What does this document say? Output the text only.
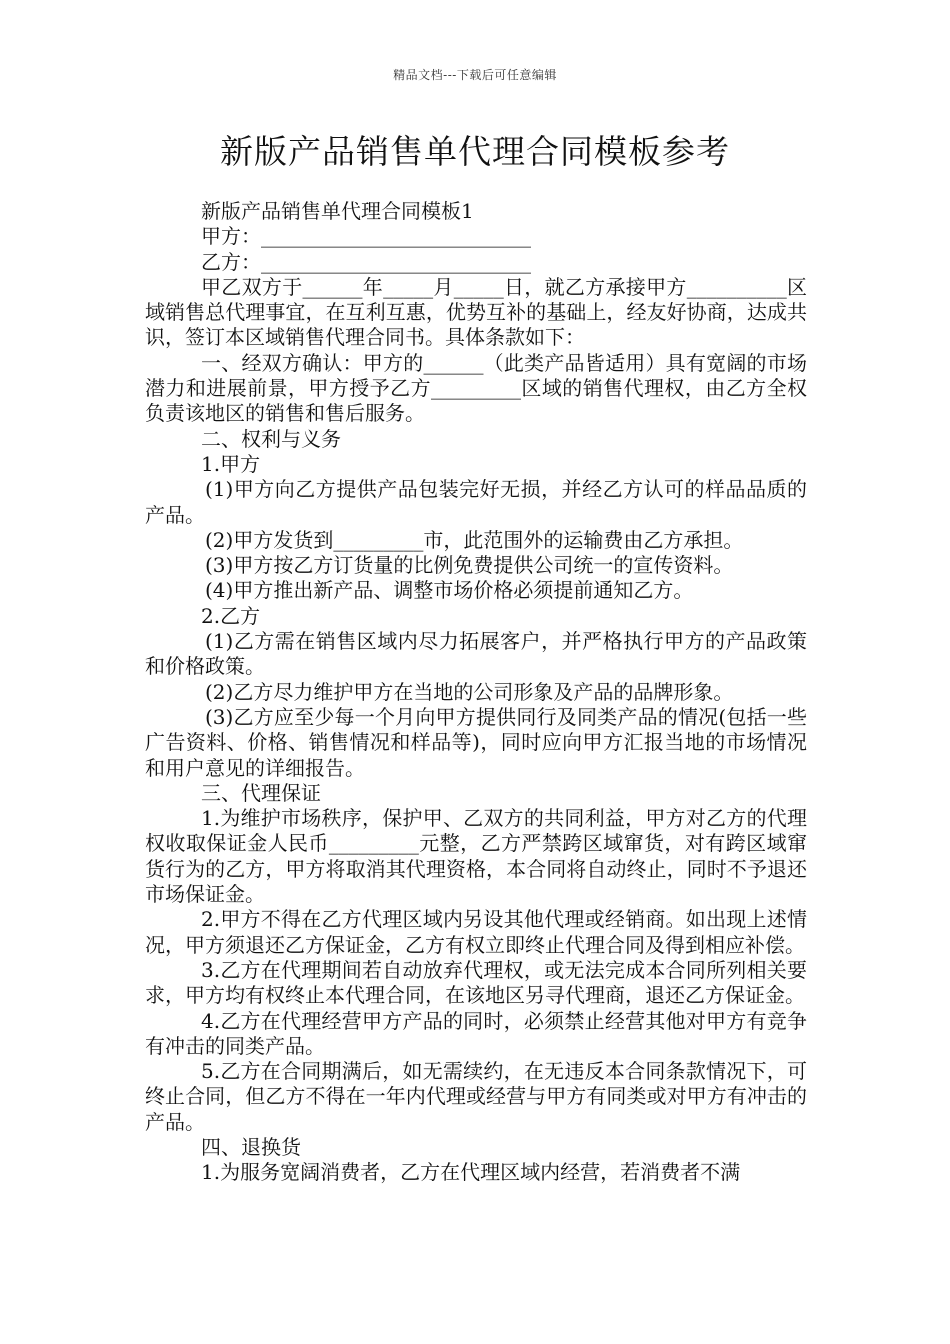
精品文档---下载后可任意编辑
新版产品销售单代理合同模板参考

新版产品销售单代理合同模板1

甲方：___________________________

乙方：___________________________

甲乙双方于______年_____月_____日，就乙方承接甲方__________区域销售总代理事宜，在互利互惠，优势互补的基础上，经友好协商，达成共识，签订本区域销售代理合同书。具体条款如下：

一、经双方确认：甲方的______（此类产品皆适用）具有宽阔的市场潜力和进展前景，甲方授予乙方_________区域的销售代理权，由乙方全权负责该地区的销售和售后服务。

二、权利与义务

1.甲方

(1)甲方向乙方提供产品包装完好无损，并经乙方认可的样品品质的产品。

(2)甲方发货到_________市，此范围外的运输费由乙方承担。

(3)甲方按乙方订货量的比例免费提供公司统一的宣传资料。

(4)甲方推出新产品、调整市场价格必须提前通知乙方。

2.乙方

(1)乙方需在销售区域内尽力拓展客户，并严格执行甲方的产品政策和价格政策。

(2)乙方尽力维护甲方在当地的公司形象及产品的品牌形象。

(3)乙方应至少每一个月向甲方提供同行及同类产品的情况(包括一些广告资料、价格、销售情况和样品等)，同时应向甲方汇报当地的市场情况和用户意见的详细报告。

三、代理保证

1.为维护市场秩序，保护甲、乙双方的共同利益，甲方对乙方的代理权收取保证金人民币_________元整，乙方严禁跨区域窜货，对有跨区域窜货行为的乙方，甲方将取消其代理资格，本合同将自动终止，同时不予退还市场保证金。

2.甲方不得在乙方代理区域内另设其他代理或经销商。如出现上述情况，甲方须退还乙方保证金，乙方有权立即终止代理合同及得到相应补偿。

3.乙方在代理期间若自动放弃代理权，或无法完成本合同所列相关要求，甲方均有权终止本代理合同，在该地区另寻代理商，退还乙方保证金。

4.乙方在代理经营甲方产品的同时，必须禁止经营其他对甲方有竞争有冲击的同类产品。

5.乙方在合同期满后，如无需续约，在无违反本合同条款情况下，可终止合同，但乙方不得在一年内代理或经营与甲方有同类或对甲方有冲击的产品。

四、退换货

1.为服务宽阔消费者，乙方在代理区域内经营，若消费者不满
